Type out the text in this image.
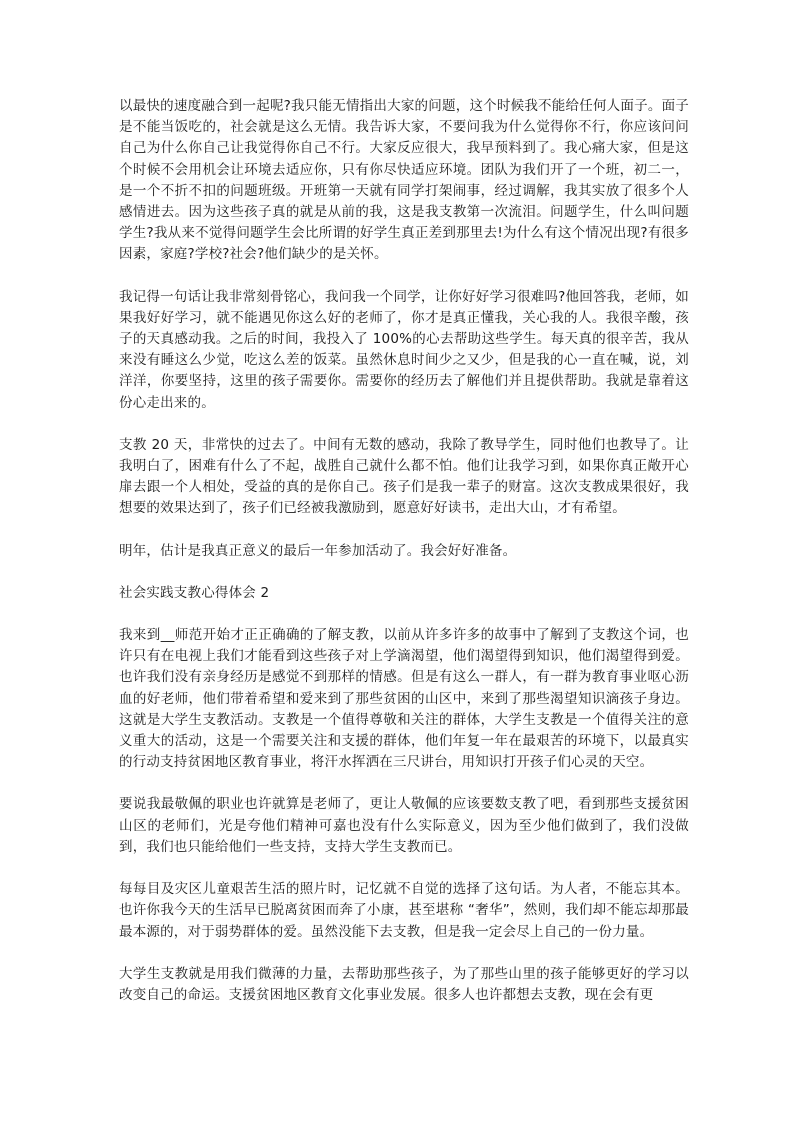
以最快的速度融合到一起呢?我只能无情指出大家的问题，这个时候我不能给任何人面子。面子是不能当饭吃的，社会就是这么无情。我告诉大家，不要问我为什么觉得你不行，你应该问问自己为什么你自己让我觉得你自己不行。大家反应很大，我早预料到了。我心痛大家，但是这个时候不会用机会让环境去适应你，只有你尽快适应环境。团队为我们开了一个班，初二一，是一个不折不扣的问题班级。开班第一天就有同学打架闹事，经过调解，我其实放了很多个人感情进去。因为这些孩子真的就是从前的我，这是我支教第一次流泪。问题学生，什么叫问题学生?我从来不觉得问题学生会比所谓的好学生真正差到那里去!为什么有这个情况出现?有很多因素，家庭?学校?社会?他们缺少的是关怀。

我记得一句话让我非常刻骨铭心，我问我一个同学，让你好好学习很难吗?他回答我，老师，如果我好好学习，就不能遇见你这么好的老师了，你才是真正懂我，关心我的人。我很辛酸，孩子的天真感动我。之后的时间，我投入了 100%的心去帮助这些学生。每天真的很辛苦，我从来没有睡这么少觉，吃这么差的饭菜。虽然休息时间少之又少，但是我的心一直在喊，说，刘洋洋，你要坚持，这里的孩子需要你。需要你的经历去了解他们并且提供帮助。我就是靠着这份心走出来的。

支教 20 天，非常快的过去了。中间有无数的感动，我除了教导学生，同时他们也教导了。让我明白了，困难有什么了不起，战胜自己就什么都不怕。他们让我学习到，如果你真正敞开心扉去跟一个人相处，受益的真的是你自己。孩子们是我一辈子的财富。这次支教成果很好，我想要的效果达到了，孩子们已经被我激励到，愿意好好读书，走出大山，才有希望。

明年，估计是我真正意义的最后一年参加活动了。我会好好准备。

社会实践支教心得体会 2

我来到__师范开始才正正确确的了解支教，以前从许多许多的故事中了解到了支教这个词，也许只有在电视上我们才能看到这些孩子对上学滴渴望，他们渴望得到知识，他们渴望得到爱。也许我们没有亲身经历是感觉不到那样的情感。但是有这么一群人，有一群为教育事业呕心沥血的好老师，他们带着希望和爱来到了那些贫困的山区中，来到了那些渴望知识滴孩子身边。这就是大学生支教活动。支教是一个值得尊敬和关注的群体，大学生支教是一个值得关注的意义重大的活动，这是一个需要关注和支援的群体，他们年复一年在最艰苦的环境下，以最真实的行动支持贫困地区教育事业，将汗水挥洒在三尺讲台，用知识打开孩子们心灵的天空。

要说我最敬佩的职业也许就算是老师了，更让人敬佩的应该要数支教了吧，看到那些支援贫困山区的老师们，光是夸他们精神可嘉也没有什么实际意义，因为至少他们做到了，我们没做到，我们也只能给他们一些支持，支持大学生支教而已。

每每目及灾区儿童艰苦生活的照片时，记忆就不自觉的选择了这句话。为人者，不能忘其本。也许你我今天的生活早已脱离贫困而奔了小康，甚至堪称 “奢华”，然则，我们却不能忘却那最最本源的，对于弱势群体的爱。虽然没能下去支教，但是我一定会尽上自己的一份力量。

大学生支教就是用我们微薄的力量，去帮助那些孩子，为了那些山里的孩子能够更好的学习以改变自己的命运。支援贫困地区教育文化事业发展。很多人也许都想去支教，现在会有更
